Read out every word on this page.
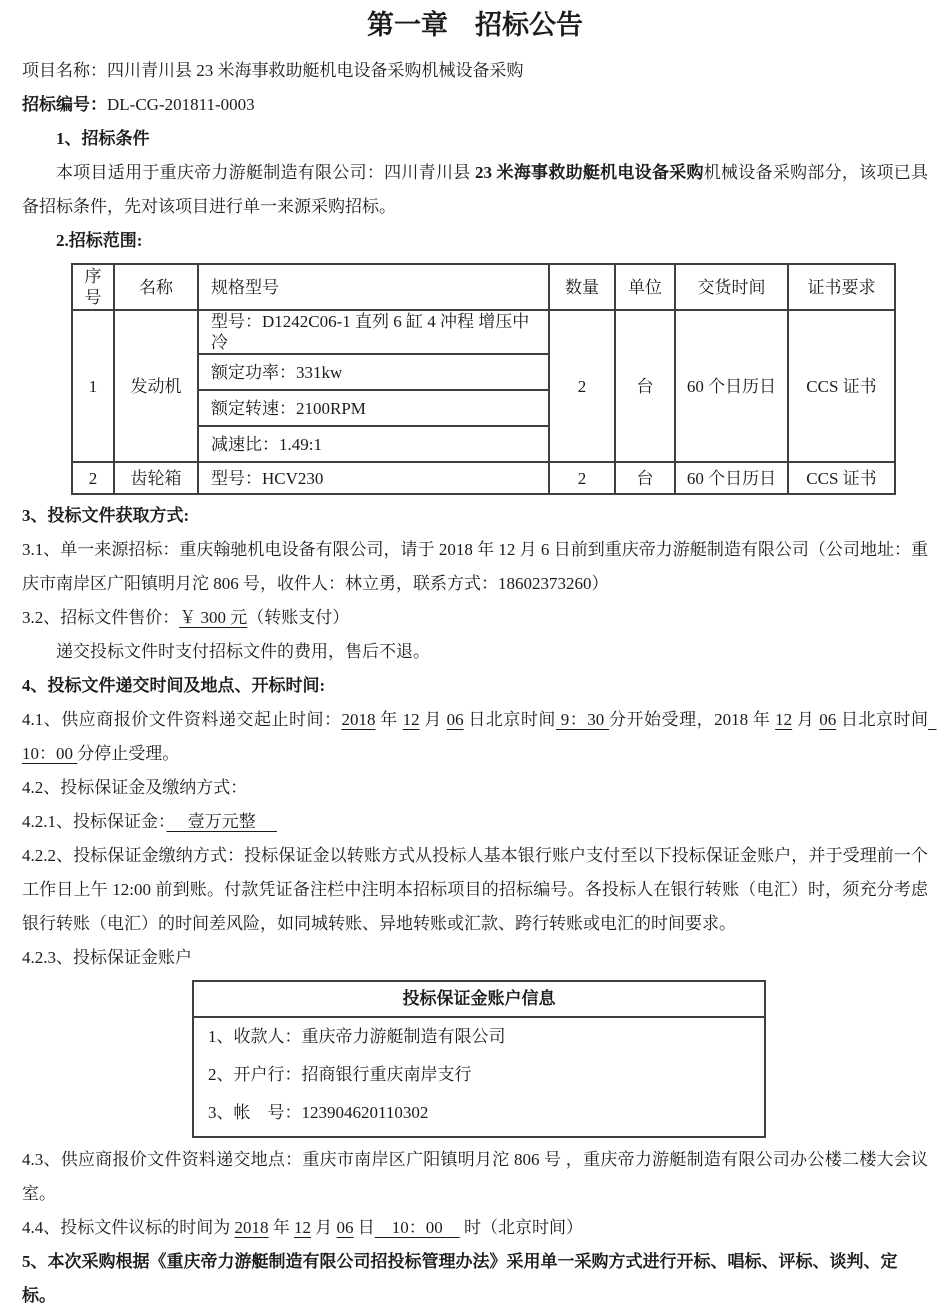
第一章　招标公告

项目名称：四川青川县 23 米海事救助艇机电设备采购机械设备采购

招标编号：DL-CG-201811-0003

1、招标条件

本项目适用于重庆帝力游艇制造有限公司：四川青川县 23 米海事救助艇机电设备采购机械设备采购部分，该项已具备招标条件，先对该项目进行单一来源采购招标。

2.招标范围:

序号	名称	规格型号	数量	单位	交货时间	证书要求
1	发动机	型号：D1242C06-1 直列 6 缸 4 冲程 增压中冷	2	台	60 个日历日	CCS 证书
		额定功率：331kw				
		额定转速：2100RPM				
		减速比：1.49:1				
2	齿轮箱	型号：HCV230	2	台	60 个日历日	CCS 证书

3、投标文件获取方式:

3.1、单一来源招标：重庆翰驰机电设备有限公司，请于 2018 年 12 月 6 日前到重庆帝力游艇制造有限公司（公司地址：重庆市南岸区广阳镇明月沱 806 号，收件人：林立勇，联系方式：18602373260）

3.2、招标文件售价：￥ 300 元（转账支付）

递交投标文件时支付招标文件的费用，售后不退。

4、投标文件递交时间及地点、开标时间:

4.1、供应商报价文件资料递交起止时间：2018 年 12 月 06 日北京时间 9：30 分开始受理，2018 年 12 月 06 日北京时间  10：00 分停止受理。

4.2、投标保证金及缴纳方式：

4.2.1、投标保证金：　 壹万元整 　

4.2.2、投标保证金缴纳方式：投标保证金以转账方式从投标人基本银行账户支付至以下投标保证金账户，并于受理前一个工作日上午 12:00 前到账。付款凭证备注栏中注明本招标项目的招标编号。各投标人在银行转账（电汇）时，须充分考虑银行转账（电汇）的时间差风险，如同城转账、异地转账或汇款、跨行转账或电汇的时间要求。

4.2.3、投标保证金账户

投标保证金账户信息
1、收款人：重庆帝力游艇制造有限公司
2、开户行：招商银行重庆南岸支行
3、帐　号：123904620110302

4.3、供应商报价文件资料递交地点：重庆市南岸区广阳镇明月沱 806 号 ，重庆帝力游艇制造有限公司办公楼二楼大会议室。

4.4、投标文件议标的时间为 2018 年 12 月 06 日　10：00　 时（北京时间）

5、本次采购根据《重庆帝力游艇制造有限公司招投标管理办法》采用单一采购方式进行开标、唱标、评标、谈判、定标。
